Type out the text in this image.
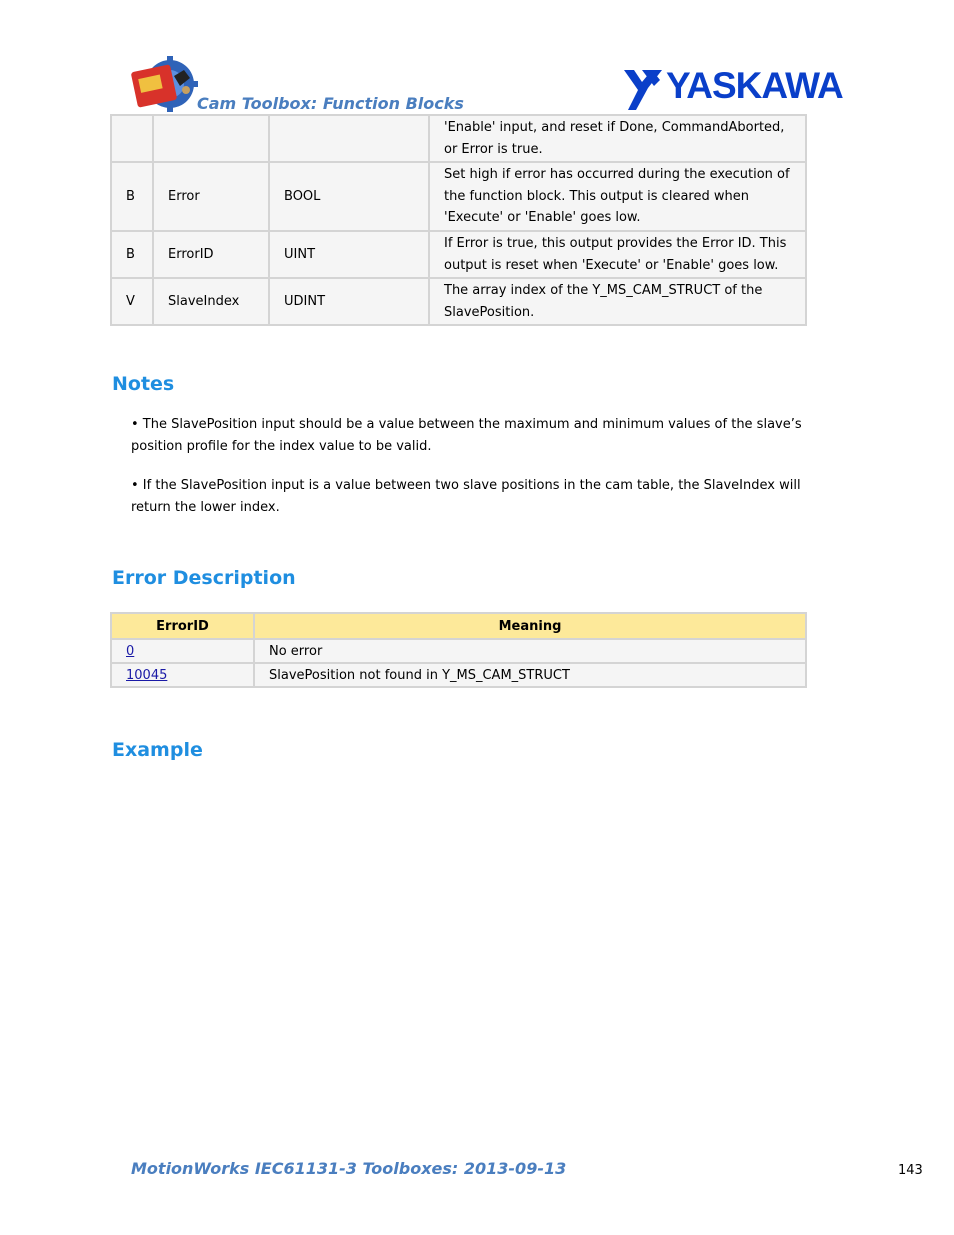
Cam Toolbox: Function Blocks	YASKAWA
			'Enable' input, and reset if Done, CommandAborted, or Error is true.
B	Error	BOOL	Set high if error has occurred during the execution of the function block. This output is cleared when 'Execute' or 'Enable' goes low.
B	ErrorID	UINT	If Error is true, this output provides the Error ID. This output is reset when 'Execute' or 'Enable' goes low.
V	SlaveIndex	UDINT	The array index of the Y_MS_CAM_STRUCT of the SlavePosition.
Notes
• The SlavePosition input should be a value between the maximum and minimum values of the slave’s position profile for the index value to be valid.
• If the SlavePosition input is a value between two slave positions in the cam table, the SlaveIndex will return the lower index.
Error Description
ErrorID	Meaning
0	No error
10045	SlavePosition not found in Y_MS_CAM_STRUCT
Example
MotionWorks IEC61131-3 Toolboxes: 2013-09-13	143
